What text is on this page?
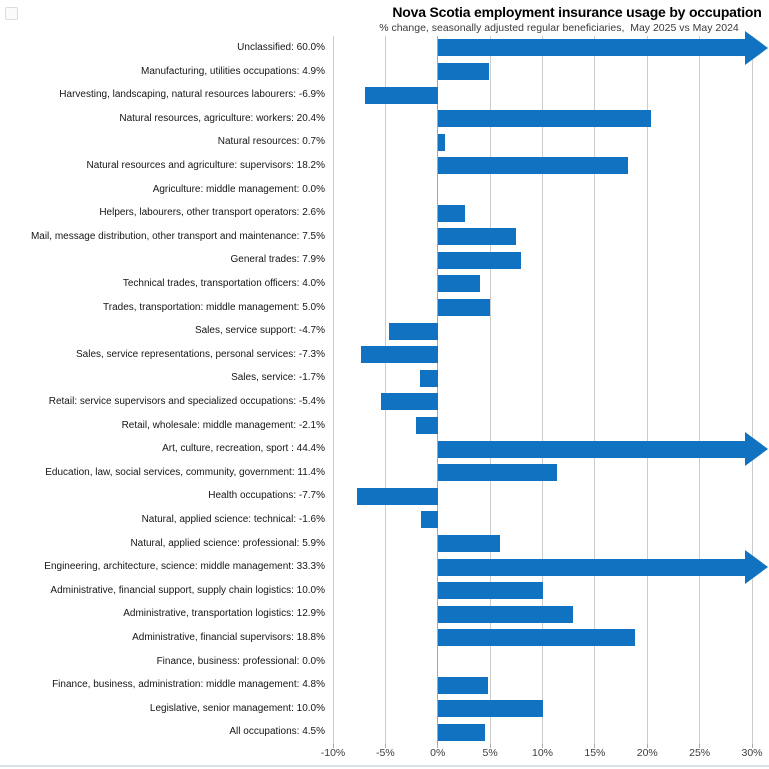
Nova Scotia employment insurance usage by occupation
% change, seasonally adjusted regular beneficiaries,  May 2025 vs May 2024
Unclassified: 60.0%
Manufacturing, utilities occupations: 4.9%
Harvesting, landscaping, natural resources labourers: -6.9%
Natural resources, agriculture: workers: 20.4%
Natural resources: 0.7%
Natural resources and agriculture: supervisors: 18.2%
Agriculture: middle management: 0.0%
Helpers, labourers, other transport operators: 2.6%
Mail, message distribution, other transport and maintenance: 7.5%
General trades: 7.9%
Technical trades, transportation officers: 4.0%
Trades, transportation: middle management: 5.0%
Sales, service support: -4.7%
Sales, service representations, personal services: -7.3%
Sales, service: -1.7%
Retail: service supervisors and specialized occupations: -5.4%
Retail, wholesale: middle management: -2.1%
Art, culture, recreation, sport : 44.4%
Education, law, social services, community, government: 11.4%
Health occupations: -7.7%
Natural, applied science: technical: -1.6%
Natural, applied science: professional: 5.9%
Engineering, architecture, science: middle management: 33.3%
Administrative, financial support, supply chain logistics: 10.0%
Administrative, transportation logistics: 12.9%
Administrative, financial supervisors: 18.8%
Finance, business: professional: 0.0%
Finance, business, administration: middle management: 4.8%
Legislative, senior management: 10.0%
All occupations: 4.5%
-10%	-5%	0%	5%	10%	15%	20%	25%	30%
